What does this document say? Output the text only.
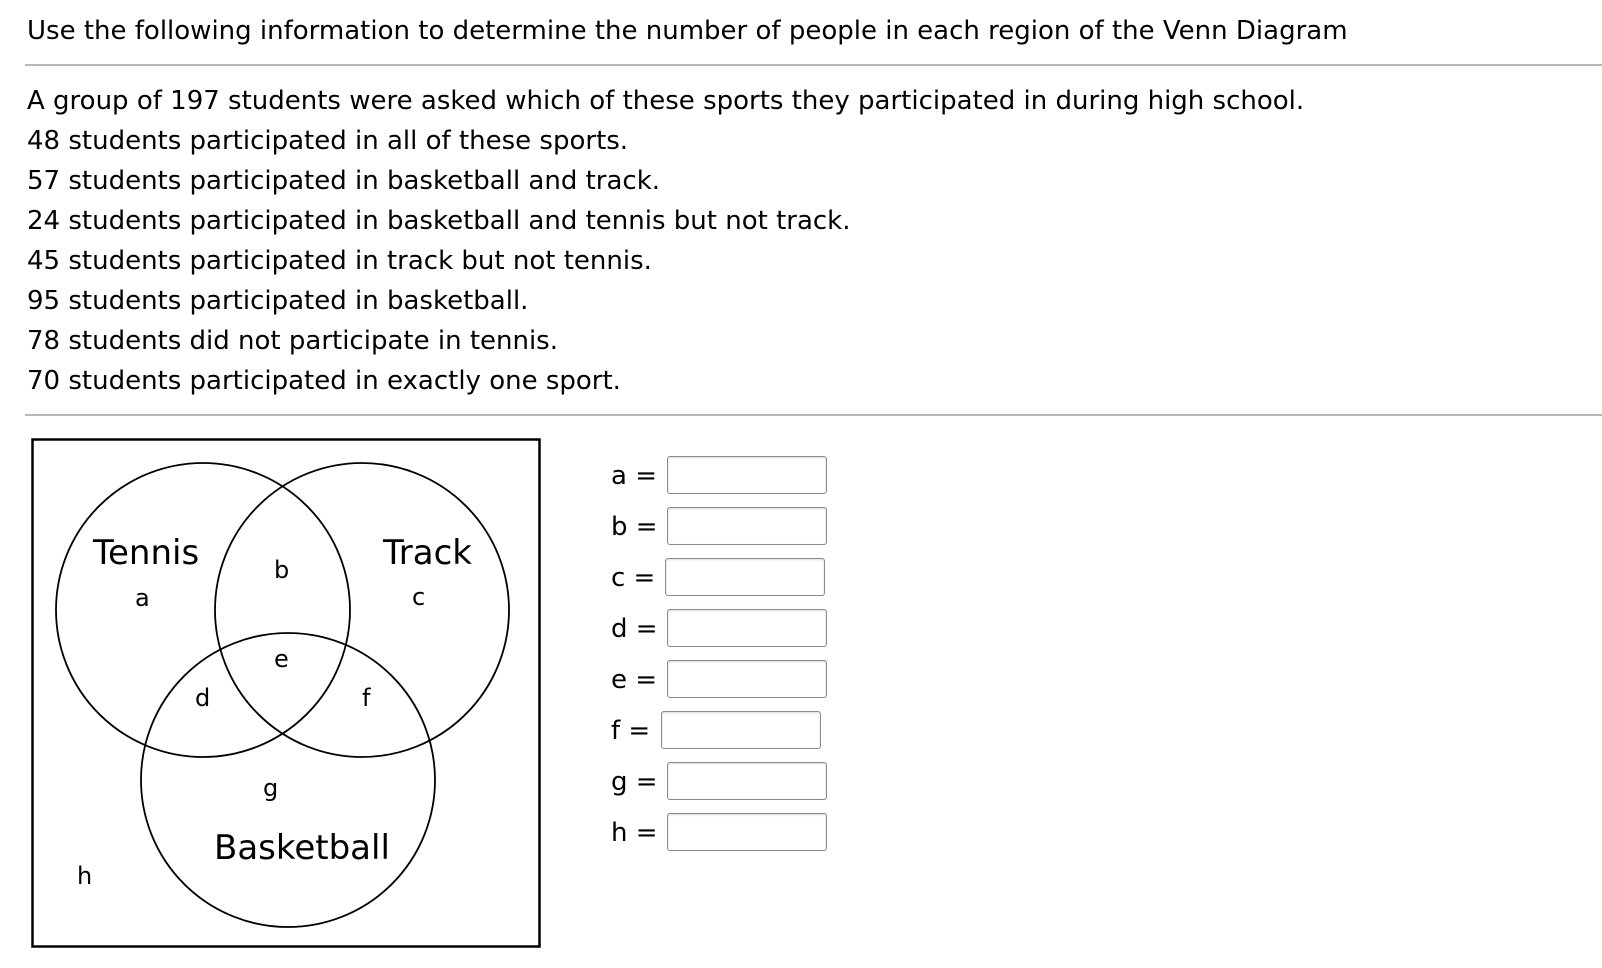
Use the following information to determine the number of people in each region of the Venn Diagram
A group of 197 students were asked which of these sports they participated in during high school.
48 students participated in all of these sports.
57 students participated in basketball and track.
24 students participated in basketball and tennis but not track.
45 students participated in track but not tennis.
95 students participated in basketball.
78 students did not participate in tennis.
70 students participated in exactly one sport.
Tennis	Track
Basketball
a
b
c
d
e
f
g
h
a =
b =
c =
d =
e =
f =
g =
h =
